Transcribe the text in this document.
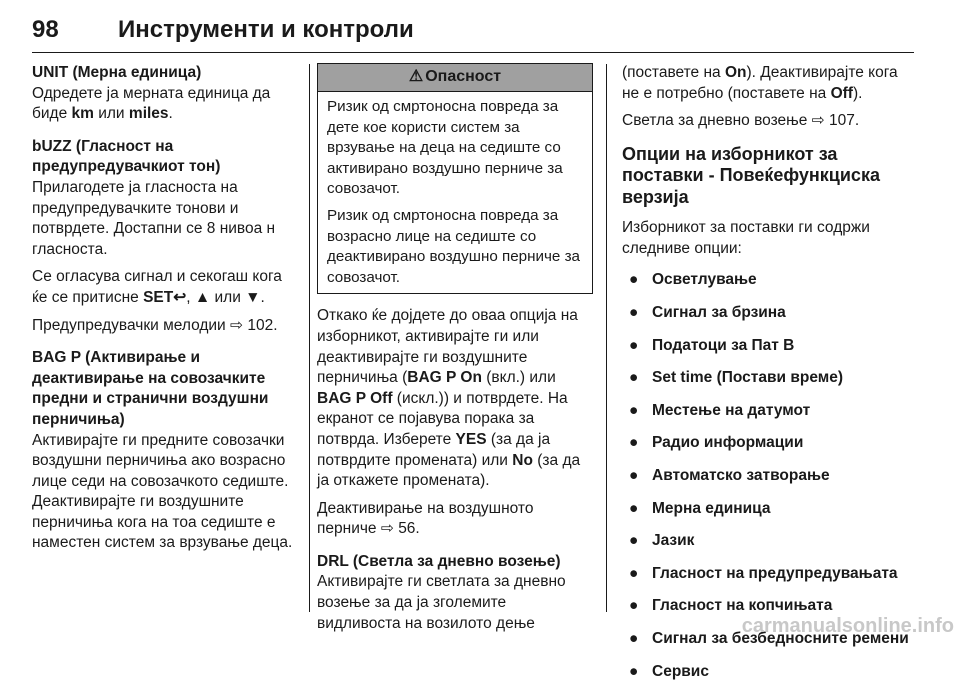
98 Инструменти и контроли

UNIT (Мерна единица)

Одредете ја мерната единица да биде km или miles.

bUZZ (Гласност на предупредувачкиот тон)

Прилагодете ја гласноста на предупредувачките тонови и потврдете. Достапни се 8 нивоа н гласноста.

Се огласува сигнал и секогаш кога ќе се притисне SET↩, ▲ или ▼.

Предупредувачки мелодии ⇨ 102.

BAG P (Активирање и деактивирање на совозачките предни и странични воздушни перничиња)

Активирајте ги предните совозачки воздушни перничиња ако возрасно лице седи на совозачкото седиште. Деактивирајте ги воздушните перничиња кога на тоа седиште е наместен систем за врзување деца.

⚠ Опасност

Ризик од смртоносна повреда за дете кое користи систем за врзување на деца на седиште со активирано воздушно перниче за совозачот.

Ризик од смртоносна повреда за возрасно лице на седиште со деактивирано воздушно перниче за совозачот.

Откако ќе дојдете до оваа опција на изборникот, активирајте ги или деактивирајте ги воздушните перничиња (BAG P On (вкл.) или BAG P Off (искл.)) и потврдете. На екранот се појавува порака за потврда. Изберете YES (за да ја потврдите промената) или No (за да ја откажете промената).

Деактивирање на воздушното перниче ⇨ 56.

DRL (Светла за дневно возење)

Активирајте ги светлата за дневно возење за да ја зголемите видливоста на возилото дење

(поставете на On). Деактивирајте кога не е потребно (поставете на Off).

Светла за дневно возење ⇨ 107.

Опции на изборникот за поставки - Повеќефункциска верзија

Изборникот за поставки ги содржи следниве опции:

● Осветлување
● Сигнал за брзина
● Податоци за Пат B
● Set time (Постави време)
● Местење на датумот
● Радио информации
● Автоматско затворање
● Мерна единица
● Јазик
● Гласност на предупредувањата
● Гласност на копчињата
● Сигнал за безбедносните ремени
● Сервис
carmanualsonline.info
